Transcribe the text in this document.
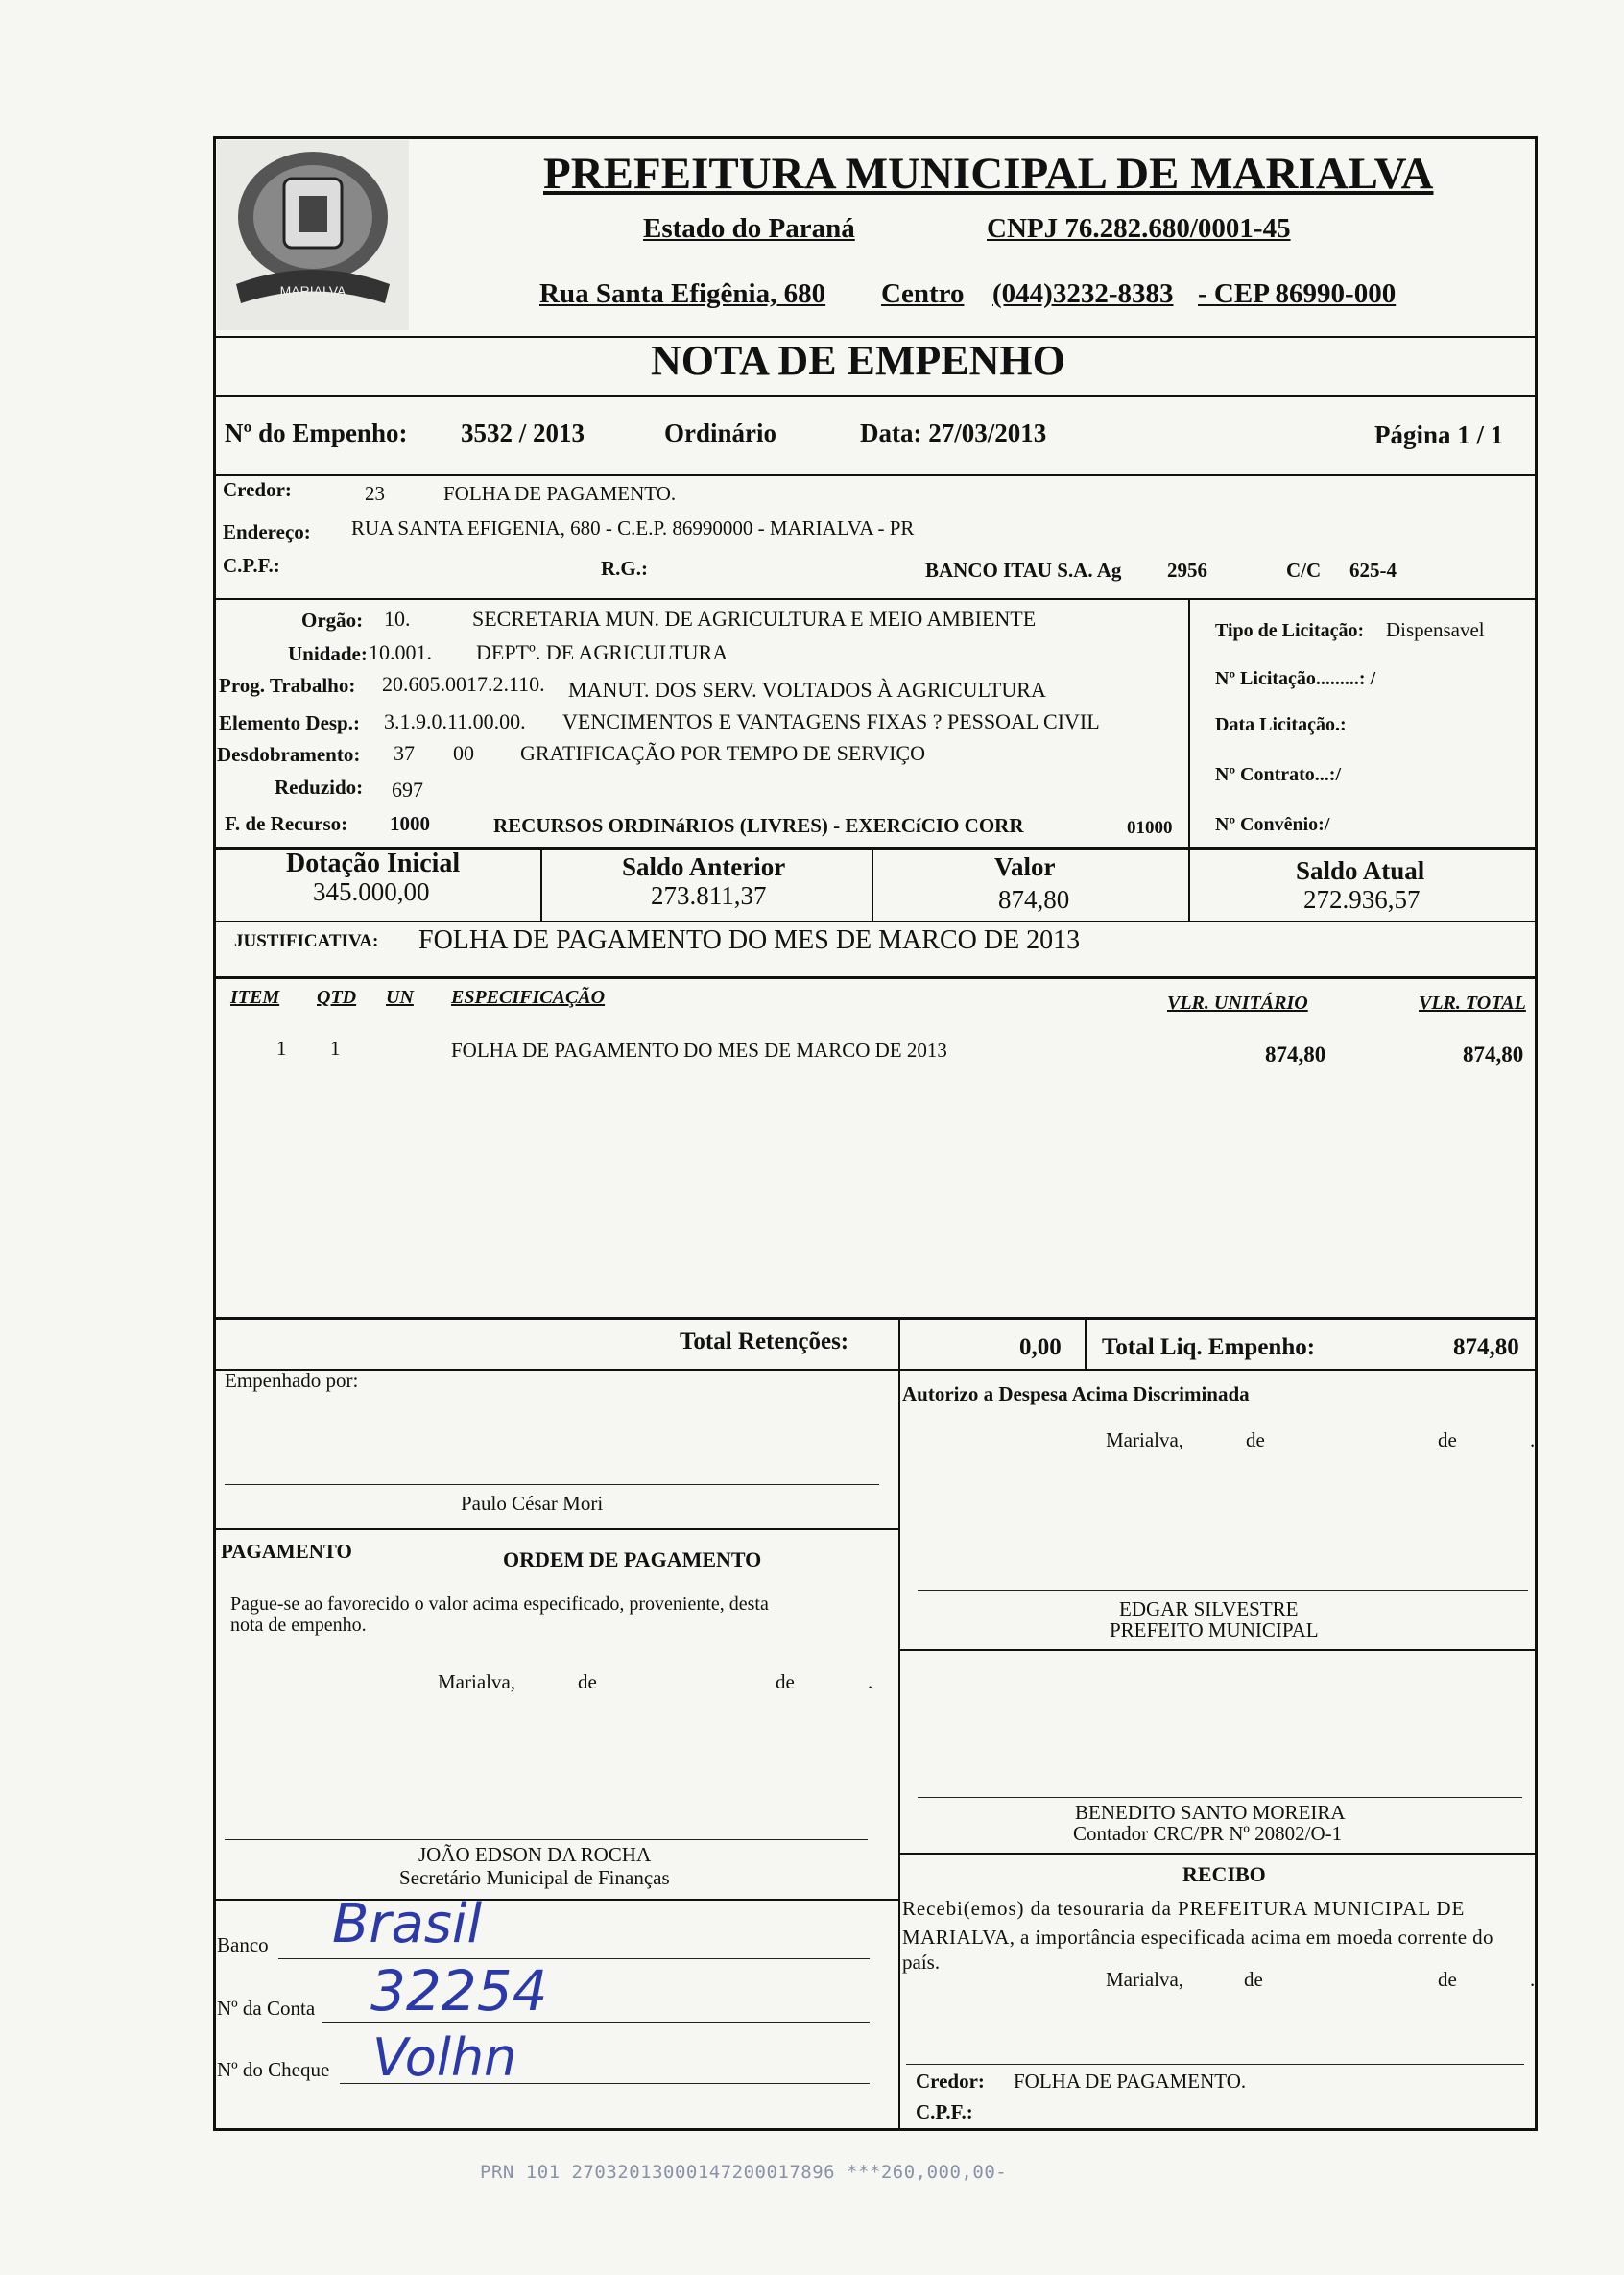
MARIALVA
PREFEITURA MUNICIPAL DE MARIALVA
Estado do Paraná	CNPJ 76.282.680/0001-45
Rua Santa Efigênia, 680 Centro (044)3232-8383 - CEP 86990-000
NOTA DE EMPENHO
Nº do Empenho: 3532 / 2013	Ordinário	Data: 27/03/2013	Página 1 / 1
Credor:	23	FOLHA DE PAGAMENTO.
Endereço: RUA SANTA EFIGENIA, 680 - C.E.P. 86990000 - MARIALVA - PR
C.P.F.:	R.G.:	BANCO ITAU S.A. Ag 2956	C/C 625-4
Orgão: 10.	SECRETARIA MUN. DE AGRICULTURA E MEIO AMBIENTE
Unidade: 10.001. DEPTº. DE AGRICULTURA
Prog. Trabalho: 20.605.0017.2.110. MANUT. DOS SERV. VOLTADOS À AGRICULTURA
Elemento Desp.: 3.1.9.0.11.00.00. VENCIMENTOS E VANTAGENS FIXAS ? PESSOAL CIVIL
Desdobramento: 37 00 GRATIFICAÇÃO POR TEMPO DE SERVIÇO
Reduzido: 697
F. de Recurso: 1000	RECURSOS ORDINáRIOS (LIVRES) - EXERCíCIO CORR	01000
Tipo de Licitação: Dispensavel
Nº Licitação.........: /
Data Licitação.:
Nº Contrato...:/
Nº Convênio:/
Dotação Inicial
345.000,00
Saldo Anterior
273.811,37
Valor
874,80
Saldo Atual
272.936,57
JUSTIFICATIVA: FOLHA DE PAGAMENTO DO MES DE MARCO DE 2013
ITEM QTD UN ESPECIFICAÇÃO	VLR. UNITÁRIO	VLR. TOTAL
1 1	FOLHA DE PAGAMENTO DO MES DE MARCO DE 2013	874,80	874,80
Total Retenções:	0,00 Total Liq. Empenho:	874,80
Empenhado por:
Paulo César Mori
Autorizo a Despesa Acima Discriminada
Marialva,	de	de	.
EDGAR SILVESTRE
PREFEITO MUNICIPAL
PAGAMENTO	ORDEM DE PAGAMENTO
Pague-se ao favorecido o valor acima especificado, proveniente, desta
nota de empenho.
Marialva,	de	de	.
JOÃO EDSON DA ROCHA
Secretário Municipal de Finanças
BENEDITO SANTO MOREIRA
Contador CRC/PR Nº 20802/O-1
RECIBO
Recebi(emos) da tesouraria da PREFEITURA MUNICIPAL DE
MARIALVA, a importância especificada acima em moeda corrente do
país.
Marialva,	de	de	.
Credor: FOLHA DE PAGAMENTO.
C.P.F.:
Banco Brasil
Nº da Conta 32254
Nº do Cheque Volhn
PRN 101 27032013000147200017896 ***260,000,00-
